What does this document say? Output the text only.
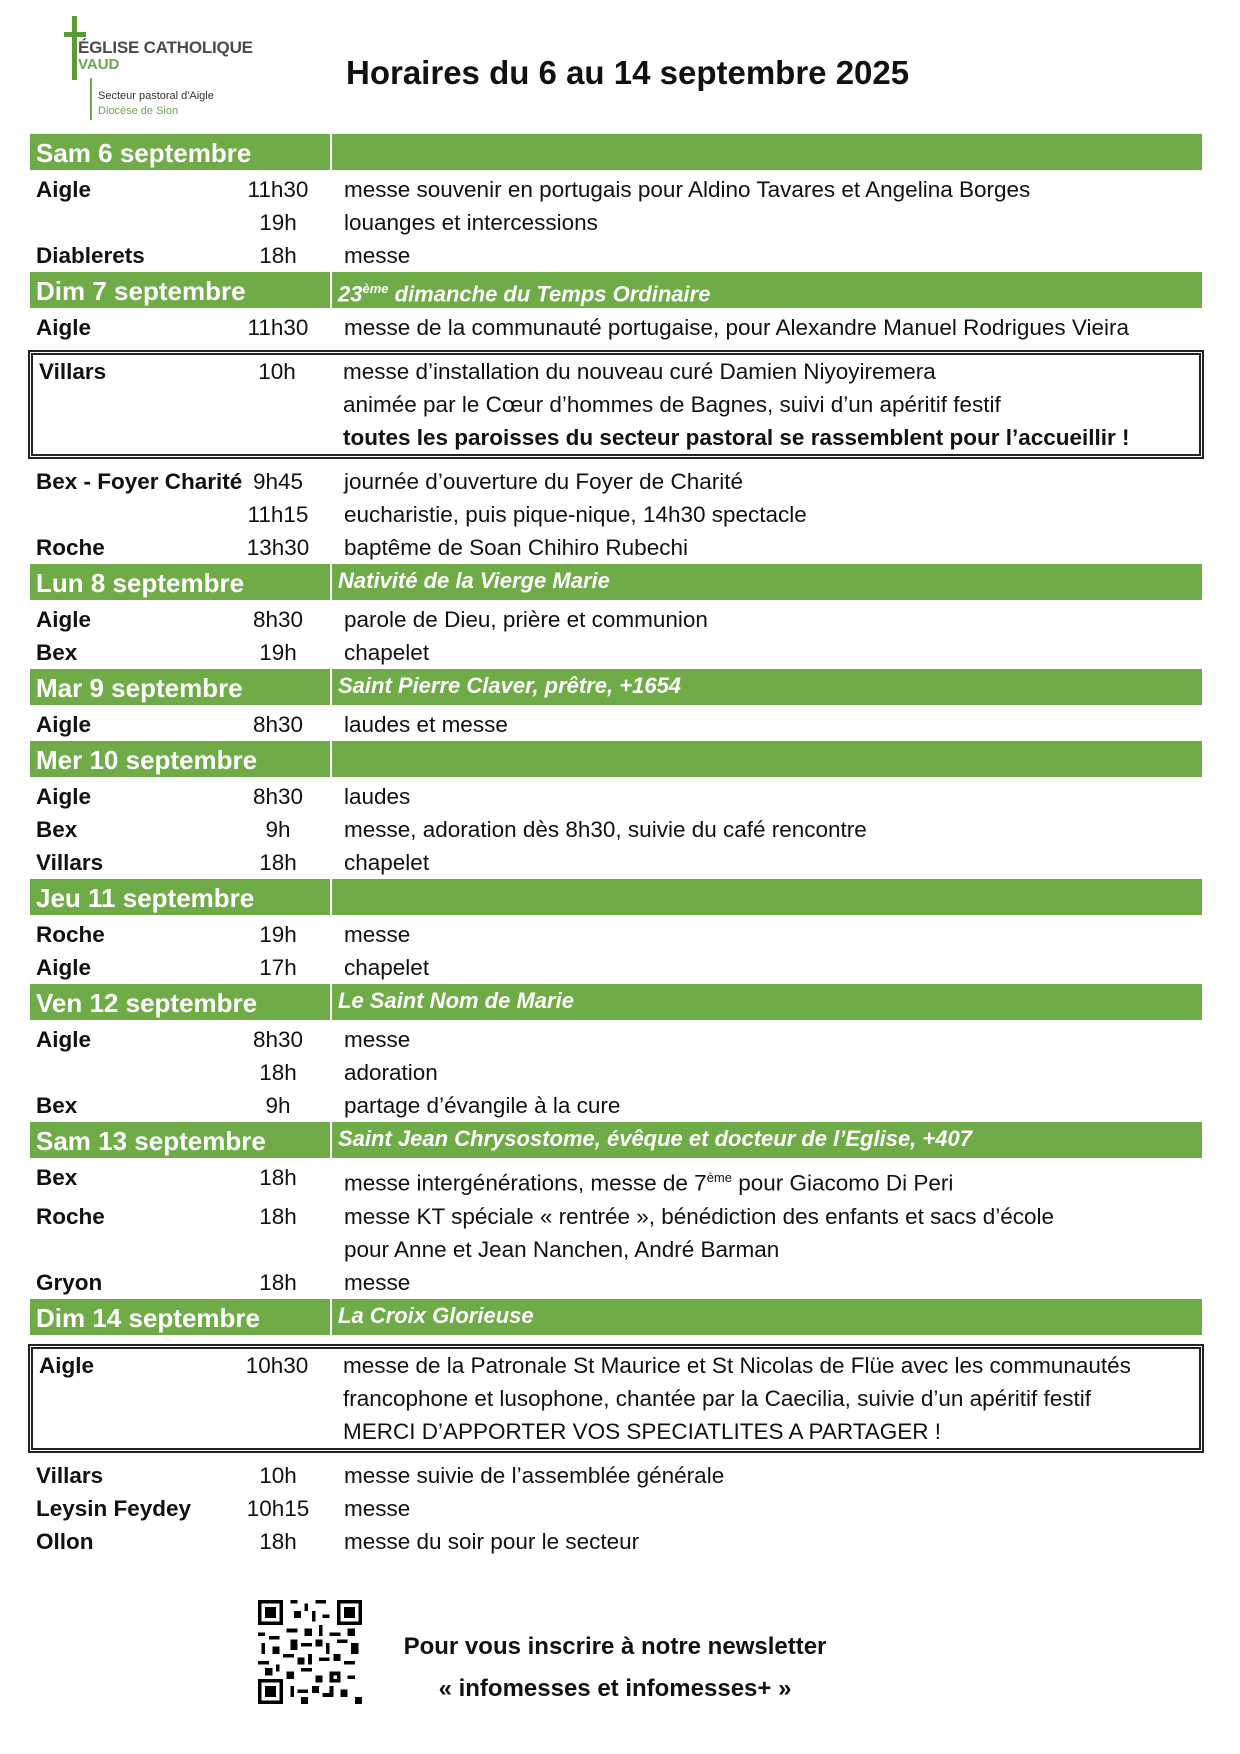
ÉGLISE CATHOLIQUE
VAUD
Secteur pastoral d'Aigle
Diocèse de Sion
Horaires du 6 au 14 septembre 2025
Sam 6 septembre
Aigle	11h30	messe souvenir en portugais pour Aldino Tavares et Angelina Borges
19h	louanges et intercessions
Diablerets	18h	messe
Dim 7 septembre	23ème dimanche du Temps Ordinaire
Aigle	11h30	messe de la communauté portugaise, pour Alexandre Manuel Rodrigues Vieira
Villars	10h	messe d’installation du nouveau curé Damien Niyoyiremera
animée par le Cœur d’hommes de Bagnes, suivi d’un apéritif festif
toutes les paroisses du secteur pastoral se rassemblent pour l’accueillir !
Bex - Foyer Charité 9h45	journée d’ouverture du Foyer de Charité
11h15	eucharistie, puis pique-nique, 14h30 spectacle
Roche	13h30	baptême de Soan Chihiro Rubechi
Lun 8 septembre	Nativité de la Vierge Marie
Aigle	8h30	parole de Dieu, prière et communion
Bex	19h	chapelet
Mar 9 septembre	Saint Pierre Claver, prêtre, +1654
Aigle	8h30	laudes et messe
Mer 10 septembre
Aigle	8h30	laudes
Bex	9h	messe, adoration dès 8h30, suivie du café rencontre
Villars	18h	chapelet
Jeu 11 septembre
Roche	19h	messe
Aigle	17h	chapelet
Ven 12 septembre	Le Saint Nom de Marie
Aigle	8h30	messe
18h	adoration
Bex	9h	partage d’évangile à la cure
Sam 13 septembre	Saint Jean Chrysostome, évêque et docteur de l’Eglise, +407
Bex	18h	messe intergénérations, messe de 7ème pour Giacomo Di Peri
Roche	18h	messe KT spéciale « rentrée », bénédiction des enfants et sacs d’école
pour Anne et Jean Nanchen, André Barman
Gryon	18h	messe
Dim 14 septembre	La Croix Glorieuse
Aigle	10h30	messe de la Patronale St Maurice et St Nicolas de Flüe avec les communautés
francophone et lusophone, chantée par la Caecilia, suivie d’un apéritif festif
MERCI D’APPORTER VOS SPECIATLITES A PARTAGER !
Villars	10h	messe suivie de l’assemblée générale
Leysin Feydey	10h15	messe
Ollon	18h	messe du soir pour le secteur
Pour vous inscrire à notre newsletter
« infomesses et infomesses+ »
